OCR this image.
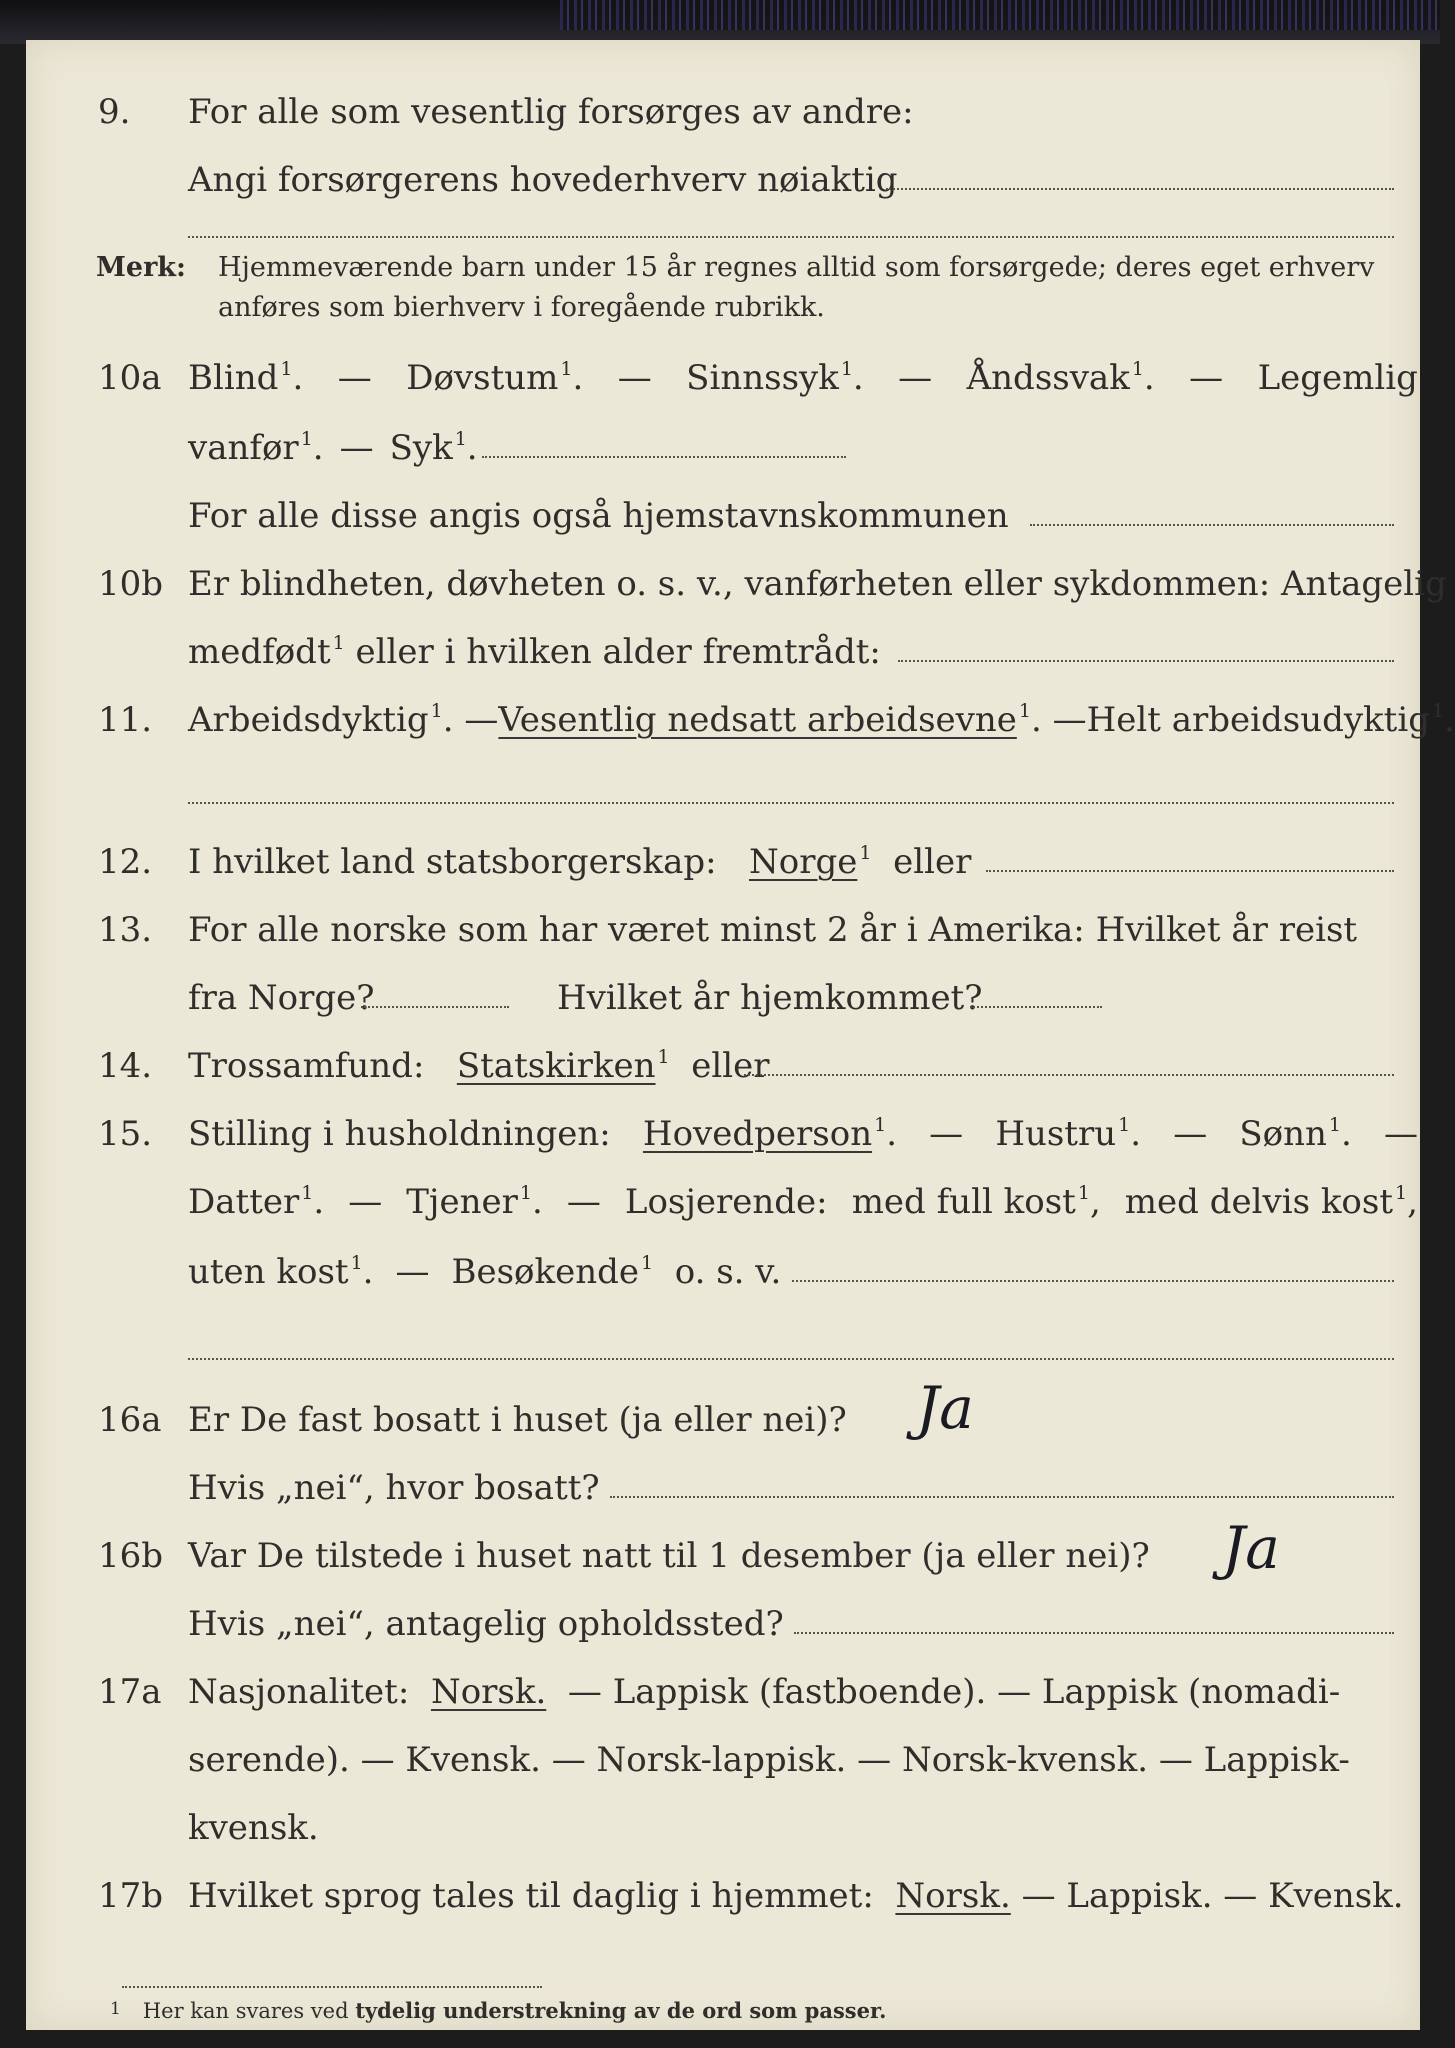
9. For alle som vesentlig forsørges av andre:
Angi forsørgerens hovederhverv nøiaktig
Merk: Hjemmeværende barn under 15 år regnes alltid som forsørgede; deres eget erhverv anføres som bierhverv i foregående rubrikk.
10a Blind $^1$. — Døvstum $^1$. — Sinnssyk $^1$. — Åndssvak $^1$. — Legemlig
vanfør $^1$. — Syk $^1$.
For alle disse angis også hjemstavnskommunen
10b Er blindheten, døvheten o. s. v., vanførheten eller sykdommen: Antagelig
medfødt 1
eller i hvilken alder fremtrådt:
11. Arbeidsdyktig $^1$. — Vesentlig nedsatt arbeidsevne $^1$. — Helt arbeidsudyktig $^1$.
12. I hvilket land statsborgerskap:
Norge 1
eller
13. For alle norske som har været minst 2 år i Amerika: Hvilket år reist
fra Norge?
	Hvilket år hjemkommet?
14. Trossamfund:
Statskirken 1
eller
15. Stilling i husholdningen: Hovedperson $^1$. — Hustru $^1$. — Sønn $^1$. —
Datter $^1$. — Tjener $^1$. — Losjerende: med full kost $^1$, med delvis kost $^1$,
uten kost $^1$. — Besøkende $^1$
o. s. v.
16a Er De fast bosatt i huset (ja eller nei)? Ja
Hvis „nei“, hvor bosatt?
16b Var De tilstede i huset natt til 1 desember (ja eller nei)? Ja
Hvis „nei“, antagelig opholdssted?
17a Nasjonalitet:
Norsk.
— Lappisk (fastboende). — Lappisk (nomadi-
serende). — Kvensk. — Norsk-lappisk. — Norsk-kvensk. — Lappisk-
kvensk.
17b Hvilket sprog tales til daglig i hjemmet:
Norsk.
— Lappisk. — Kvensk.
1 Her kan svares ved tydelig understrekning av de ord som passer.
